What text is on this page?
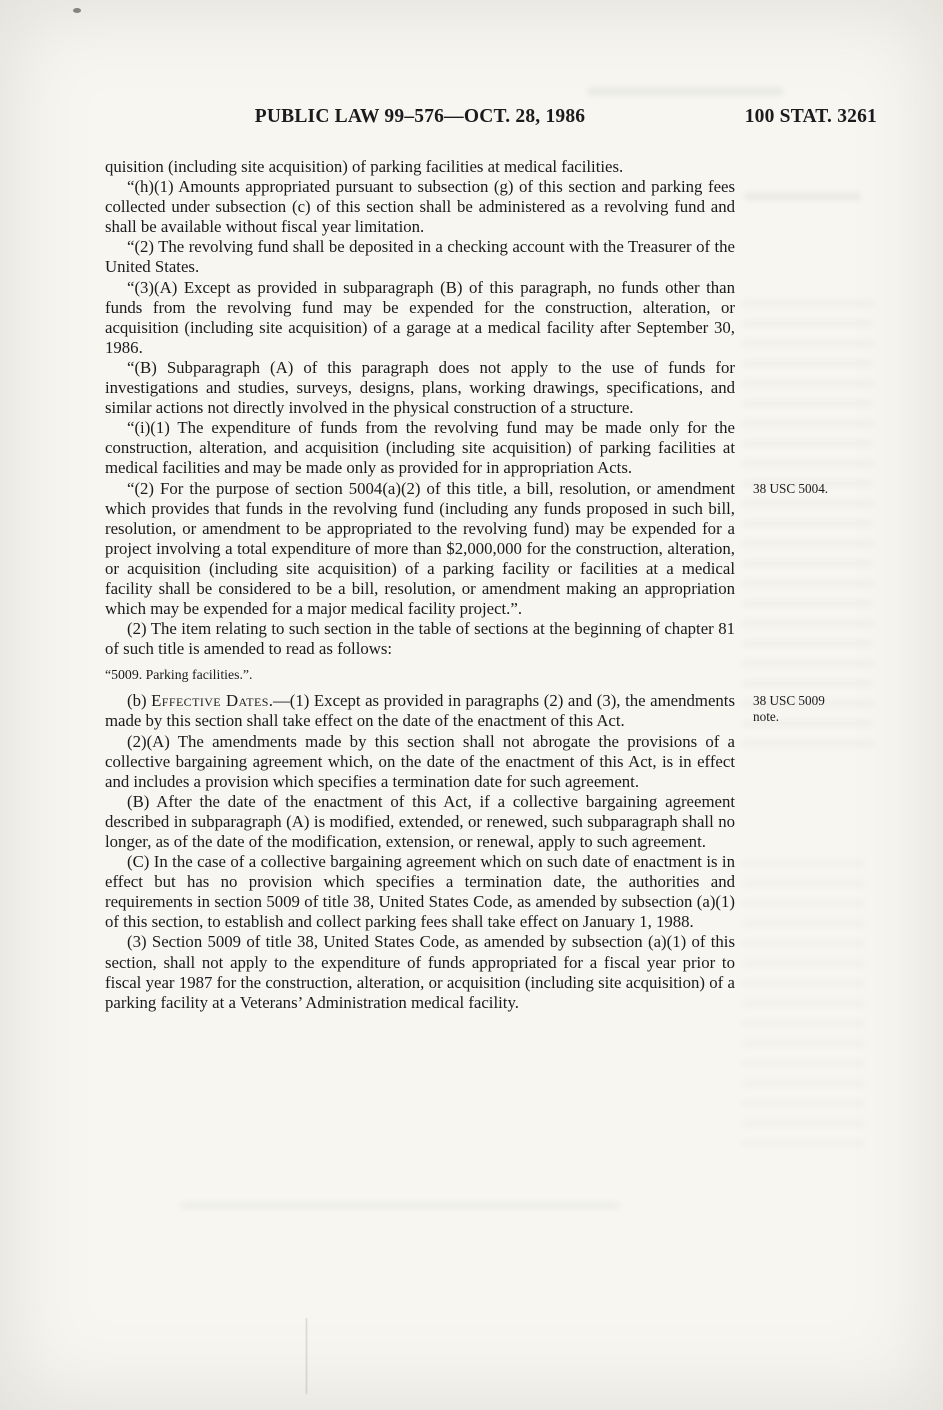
PUBLIC LAW 99–576—OCT. 28, 1986	100 STAT. 3261

quisition (including site acquisition) of parking facilities at medical facilities.

“(h)(1) Amounts appropriated pursuant to subsection (g) of this section and parking fees collected under subsection (c) of this section shall be administered as a revolving fund and shall be available without fiscal year limitation.

“(2) The revolving fund shall be deposited in a checking account with the Treasurer of the United States.

“(3)(A) Except as provided in subparagraph (B) of this paragraph, no funds other than funds from the revolving fund may be expended for the construction, alteration, or acquisition (including site acquisition) of a garage at a medical facility after September 30, 1986.

“(B) Subparagraph (A) of this paragraph does not apply to the use of funds for investigations and studies, surveys, designs, plans, working drawings, specifications, and similar actions not directly involved in the physical construction of a structure.

“(i)(1) The expenditure of funds from the revolving fund may be made only for the construction, alteration, and acquisition (including site acquisition) of parking facilities at medical facilities and may be made only as provided for in appropriation Acts.

“(2) For the purpose of section 5004(a)(2) of this title, a bill, resolution, or amendment which provides that funds in the revolving fund (including any funds proposed in such bill, resolution, or amendment to be appropriated to the revolving fund) may be expended for a project involving a total expenditure of more than $2,000,000 for the construction, alteration, or acquisition (including site acquisition) of a parking facility or facilities at a medical facility shall be considered to be a bill, resolution, or amendment making an appropriation which may be expended for a major medical facility project.”.
38 USC 5004.

(2) The item relating to such section in the table of sections at the beginning of chapter 81 of such title is amended to read as follows:

“5009. Parking facilities.”.

(b) Effective Dates.—(1) Except as provided in paragraphs (2) and (3), the amendments made by this section shall take effect on the date of the enactment of this Act.
38 USC 5009 note.

(2)(A) The amendments made by this section shall not abrogate the provisions of a collective bargaining agreement which, on the date of the enactment of this Act, is in effect and includes a provision which specifies a termination date for such agreement.

(B) After the date of the enactment of this Act, if a collective bargaining agreement described in subparagraph (A) is modified, extended, or renewed, such subparagraph shall no longer, as of the date of the modification, extension, or renewal, apply to such agreement.

(C) In the case of a collective bargaining agreement which on such date of enactment is in effect but has no provision which specifies a termination date, the authorities and requirements in section 5009 of title 38, United States Code, as amended by subsection (a)(1) of this section, to establish and collect parking fees shall take effect on January 1, 1988.

(3) Section 5009 of title 38, United States Code, as amended by subsection (a)(1) of this section, shall not apply to the expenditure of funds appropriated for a fiscal year prior to fiscal year 1987 for the construction, alteration, or acquisition (including site acquisition) of a parking facility at a Veterans’ Administration medical facility.
